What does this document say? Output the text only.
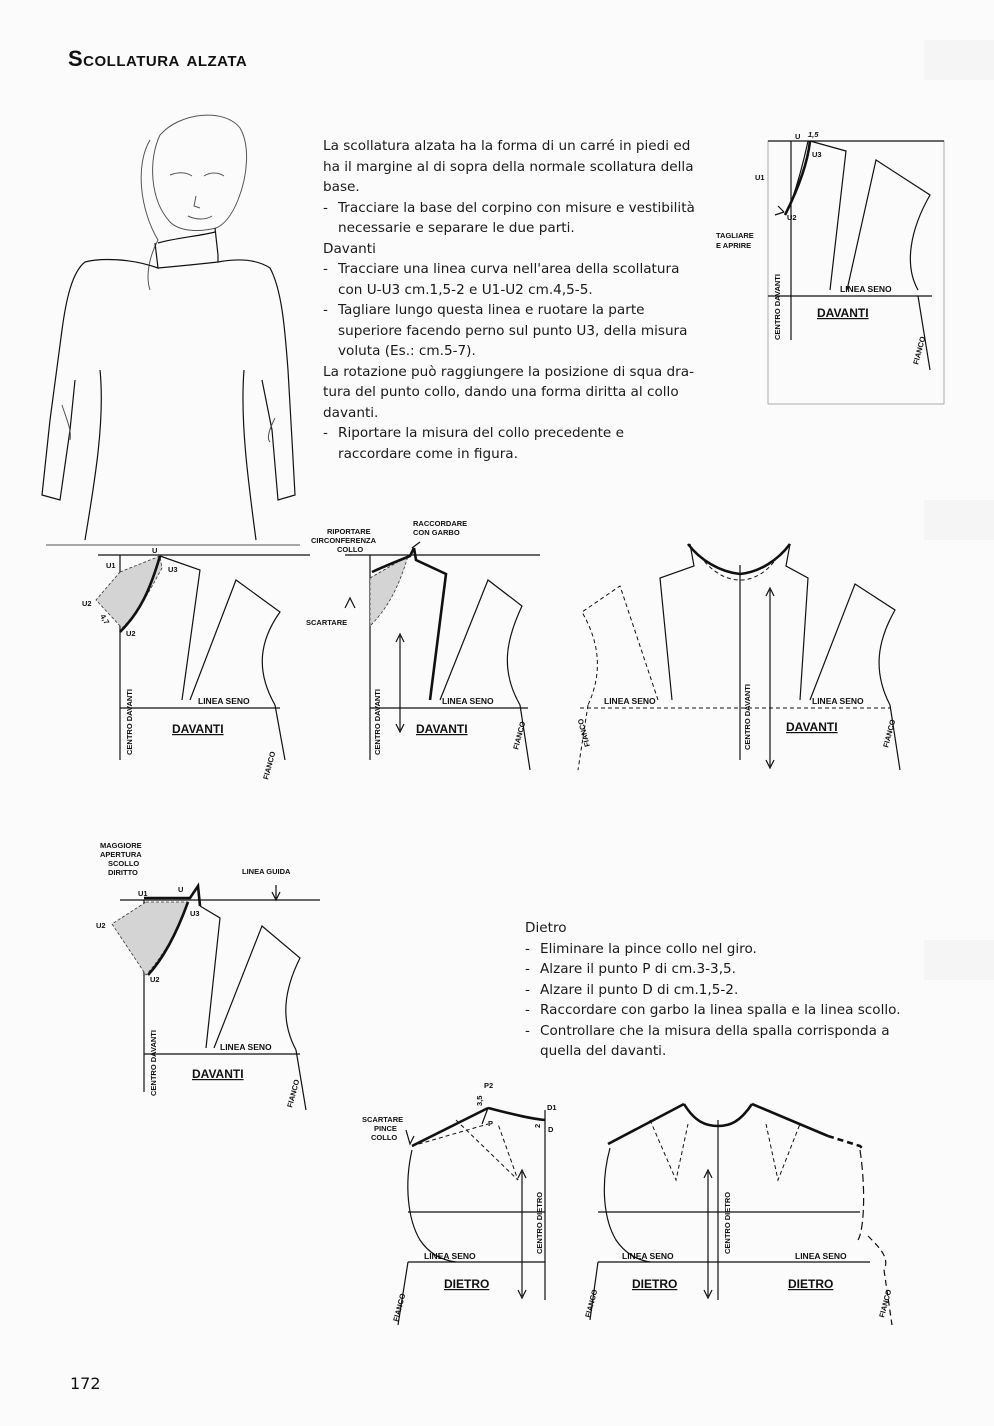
Scollatura alzata

La scollatura alzata ha la forma di un carré in piedi ed ha il margine al di sopra della normale scollatura della base.

- Tracciare la base del corpino con misure e vestibilità necessarie e separare le due parti.

Davanti

- Tracciare una linea curva nell'area della scollatura con U-U3 cm.1,5-2 e U1-U2 cm.4,5-5.
- Tagliare lungo questa linea e ruotare la parte superiore facendo perno sul punto U3, della misura voluta (Es.: cm.5-7).

La rotazione può raggiungere la posizione di squa dratura del punto collo, dando una forma diritta al collo davanti.

- Riportare la misura del collo precedente e raccordare come in figura.

Dietro

- Eliminare la pince collo nel giro.
- Alzare il punto P di cm.3-3,5.
- Alzare il punto D di cm.1,5-2.
- Raccordare con garbo la linea spalla e la linea scollo.
- Controllare che la misura della spalla corrisponda a quella del davanti.
172
U 1,5
U3
U1
U2
TAGLIARE
E APRIRE
LINEA SENO
DAVANTI
CENTRO DAVANTI
FIANCO
U
U3
U1
U2
U2
4,7
LINEA SENO
DAVANTI
CENTRO DAVANTI
FIANCO
RIPORTARE
CIRCONFERENZA
COLLO
RACCORDARE
CON GARBO
SCARTARE
LINEA SENO
DAVANTI
CENTRO DAVANTI	FIANCO
LINEA SENO	LINEA SENO
DAVANTI
CENTRO DAVANTI	FIANCO
FIANCO
MAGGIORE
APERTURA
SCOLLO
DIRITTO	LINEA GUIDA
U1	U
U3
U2
U2
LINEA SENO
DAVANTI
CENTRO DAVANTI	FIANCO	P2
3,5
P
D1
2 D
SCARTARE
PINCE
COLLO
LINEA SENO
DIETRO
CENTRO DIETRO
FIANCO
LINEA SENO	LINEA SENO
DIETRO	DIETRO
CENTRO DIETRO
FIANCO	FIANCO
